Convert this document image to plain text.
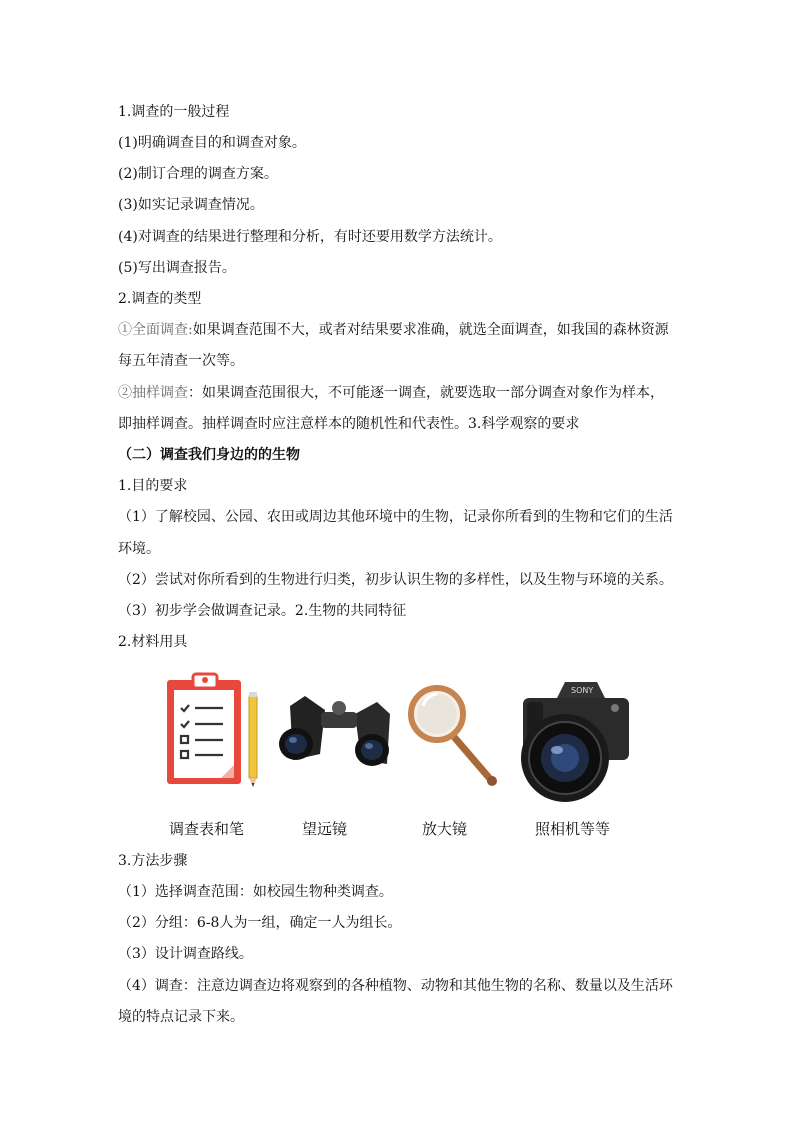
1.调查的一般过程
(1)明确调查目的和调查对象。
(2)制订合理的调查方案。
(3)如实记录调查情况。
(4)对调查的结果进行整理和分析，有时还要用数学方法统计。
(5)写出调查报告。
2.调查的类型
①全面调查:如果调查范围不大，或者对结果要求准确，就选全面调查，如我国的森林资源
每五年清查一次等。
②抽样调查：如果调查范围很大，不可能逐一调查，就要选取一部分调查对象作为样本，
即抽样调查。抽样调查时应注意样本的随机性和代表性。3.科学观察的要求
（二）调查我们身边的的生物
1.目的要求
（1）了解校园、公园、农田或周边其他环境中的生物，记录你所看到的生物和它们的生活
环境。
（2）尝试对你所看到的生物进行归类，初步认识生物的多样性，以及生物与环境的关系。
（3）初步学会做调查记录。2.生物的共同特征
2.材料用具
SONY
调查表和笔	望远镜	放大镜	照相机等等
3.方法步骤
（1）选择调查范围：如校园生物种类调查。
（2）分组：6-8人为一组，确定一人为组长。
（3）设计调查路线。
（4）调查：注意边调查边将观察到的各种植物、动物和其他生物的名称、数量以及生活环
境的特点记录下来。
